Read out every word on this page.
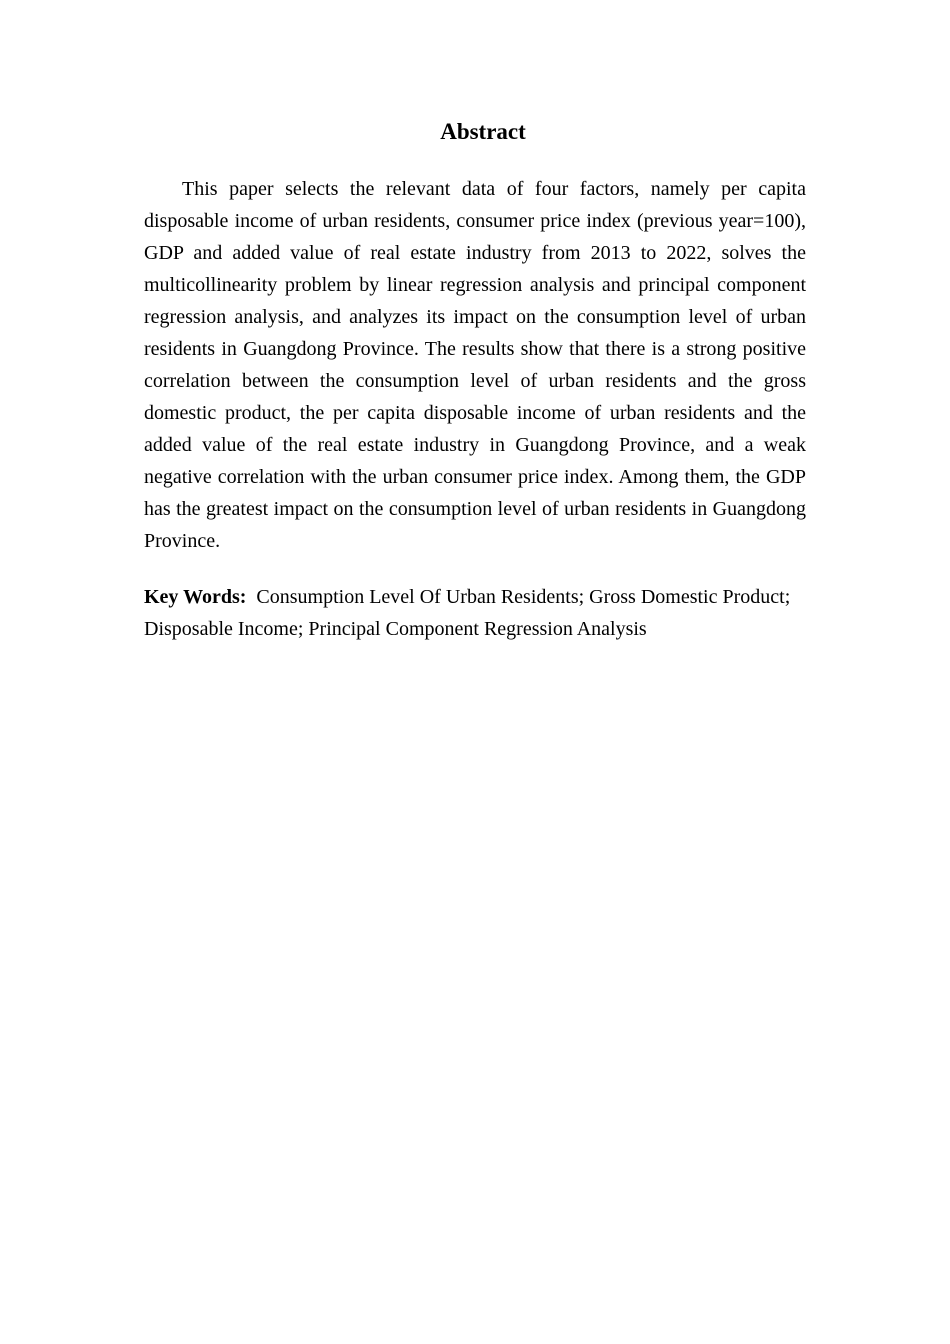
Abstract

This paper selects the relevant data of four factors, namely per capita disposable income of urban residents, consumer price index (previous year=100), GDP and added value of real estate industry from 2013 to 2022, solves the multicollinearity problem by linear regression analysis and principal component regression analysis, and analyzes its impact on the consumption level of urban residents in Guangdong Province. The results show that there is a strong positive correlation between the consumption level of urban residents and the gross domestic product, the per capita disposable income of urban residents and the added value of the real estate industry in Guangdong Province, and a weak negative correlation with the urban consumer price index. Among them, the GDP has the greatest impact on the consumption level of urban residents in Guangdong Province.

Key Words: Consumption Level Of Urban Residents; Gross Domestic Product; Disposable Income; Principal Component Regression Analysis
